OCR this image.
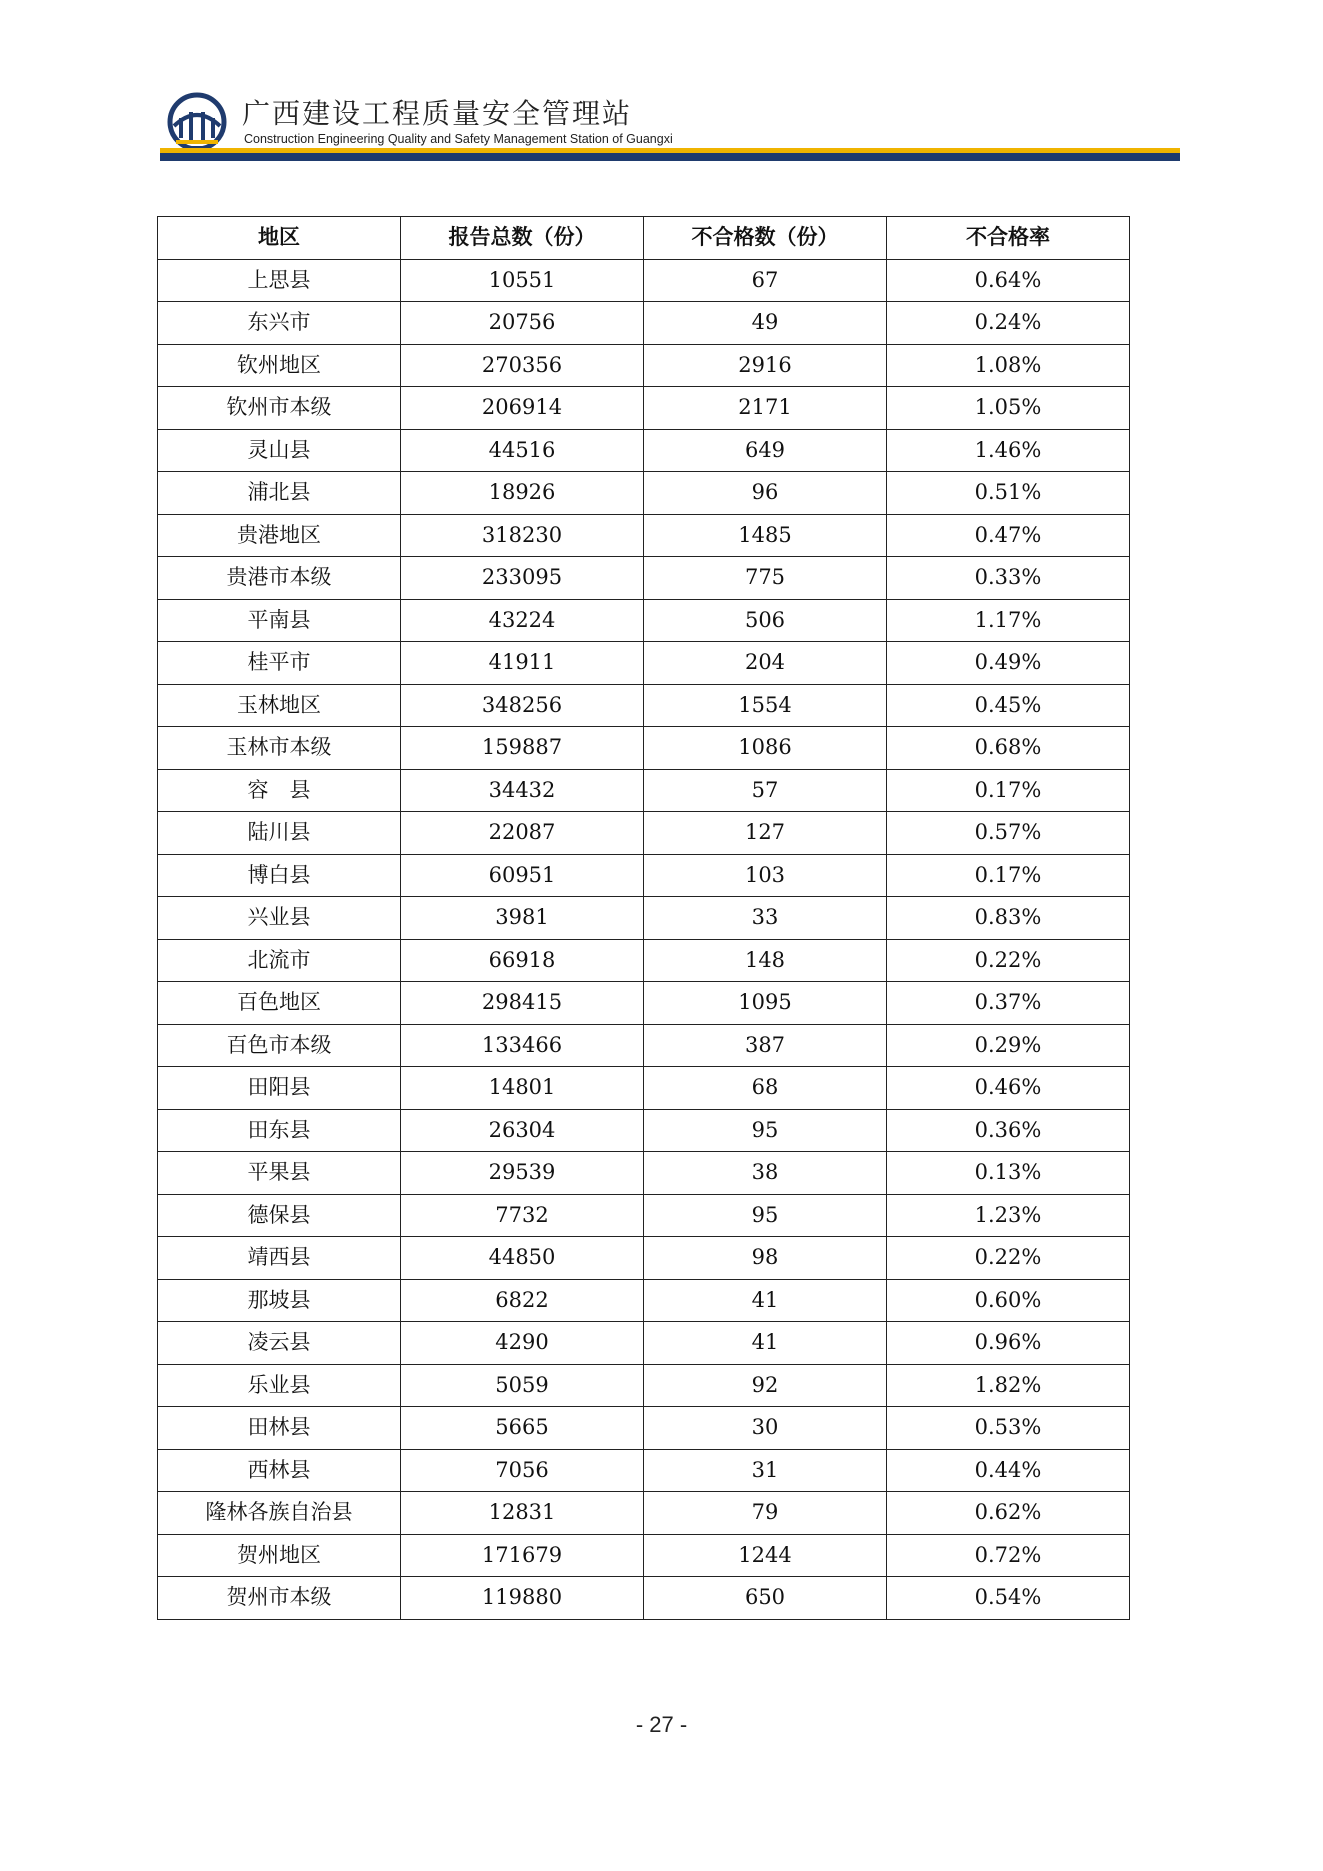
广西建设工程质量安全管理站
Construction Engineering Quality and Safety Management Station of Guangxi
地区	报告总数（份）	不合格数（份）	不合格率
上思县	10551	67	0.64%
东兴市	20756	49	0.24%
钦州地区	270356	2916	1.08%
钦州市本级	206914	2171	1.05%
灵山县	44516	649	1.46%
浦北县	18926	96	0.51%
贵港地区	318230	1485	0.47%
贵港市本级	233095	775	0.33%
平南县	43224	506	1.17%
桂平市	41911	204	0.49%
玉林地区	348256	1554	0.45%
玉林市本级	159887	1086	0.68%
容　县	34432	57	0.17%
陆川县	22087	127	0.57%
博白县	60951	103	0.17%
兴业县	3981	33	0.83%
北流市	66918	148	0.22%
百色地区	298415	1095	0.37%
百色市本级	133466	387	0.29%
田阳县	14801	68	0.46%
田东县	26304	95	0.36%
平果县	29539	38	0.13%
德保县	7732	95	1.23%
靖西县	44850	98	0.22%
那坡县	6822	41	0.60%
凌云县	4290	41	0.96%
乐业县	5059	92	1.82%
田林县	5665	30	0.53%
西林县	7056	31	0.44%
隆林各族自治县	12831	79	0.62%
贺州地区	171679	1244	0.72%
贺州市本级	119880	650	0.54%
- 27 -
